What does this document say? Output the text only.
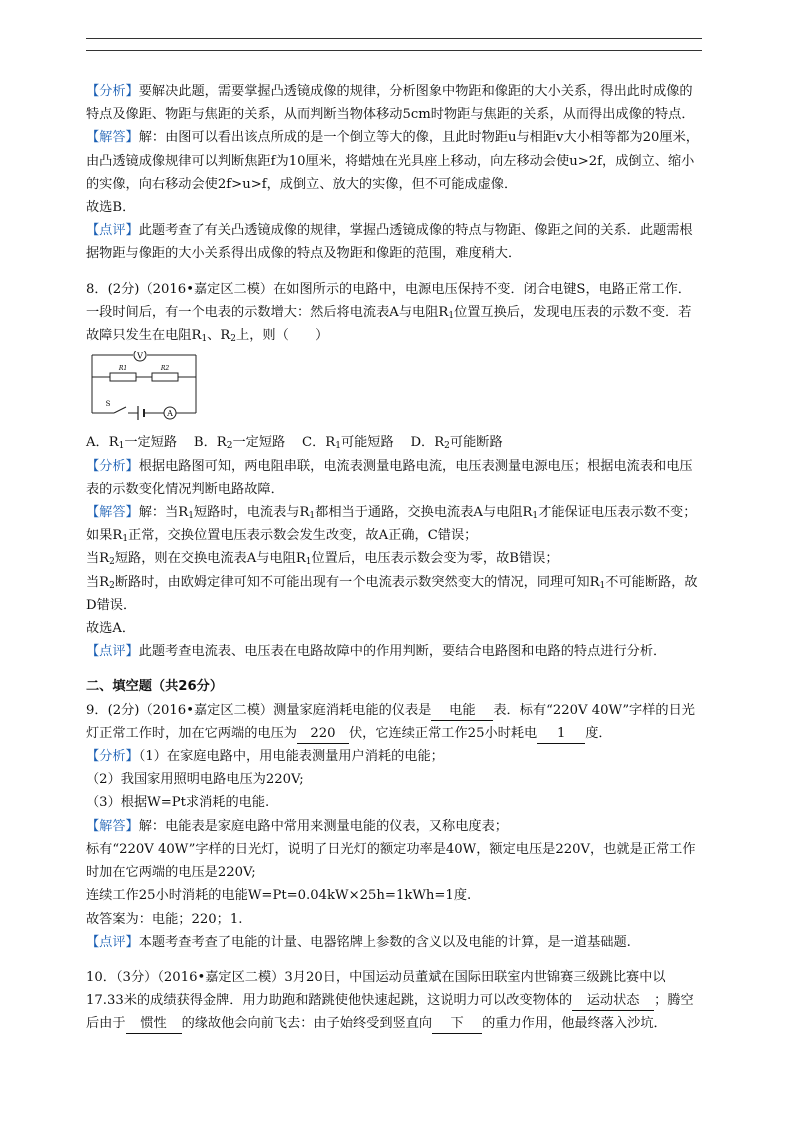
【分析】要解决此题，需要掌握凸透镜成像的规律，分析图象中物距和像距的大小关系，得出此时成像的特点及像距、物距与焦距的关系，从而判断当物体移动5cm时物距与焦距的关系，从而得出成像的特点．

【解答】解：由图可以看出该点所成的是一个倒立等大的像，且此时物距u与相距v大小相等都为20厘米，由凸透镜成像规律可以判断焦距f为10厘米，将蜡烛在光具座上移动，向左移动会使u>2f，成倒立、缩小的实像，向右移动会使2f>u>f，成倒立、放大的实像，但不可能成虚像．

故选B．

【点评】此题考查了有关凸透镜成像的规律，掌握凸透镜成像的特点与物距、像距之间的关系．此题需根据物距与像距的大小关系得出成像的特点及物距和像距的范围，难度稍大．

8．(2分)（2016•嘉定区二模）在如图所示的电路中，电源电压保持不变．闭合电键S，电路正常工作．一段时间后，有一个电表的示数增大：然后将电流表A与电阻$R_1$位置互换后，发现电压表的示数不变．若故障只发生在电阻$R_1$、$R_2$上，则（　　）

V
R1	R2
S
A

A．$R_1$一定短路 B．$R_2$一定短路 C．$R_1$可能短路 D．$R_2$可能断路

【分析】根据电路图可知，两电阻串联，电流表测量电路电流，电压表测量电源电压；根据电流表和电压表的示数变化情况判断电路故障．

【解答】解：当$R_1$短路时，电流表与$R_1$都相当于通路，交换电流表A与电阻$R_1$才能保证电压表示数不变；如果$R_1$正常，交换位置电压表示数会发生改变，故A正确，C错误；

当$R_2$短路，则在交换电流表A与电阻$R_1$位置后，电压表示数会变为零，故B错误；

当$R_2$断路时，由欧姆定律可知不可能出现有一个电流表示数突然变大的情况，同理可知$R_1$不可能断路，故D错误．

故选A．

【点评】此题考查电流表、电压表在电路故障中的作用判断，要结合电路图和电路的特点进行分析．

二、填空题（共26分）

9．(2分)（2016•嘉定区二模）测量家庭消耗电能的仪表是 电能 表．标有“220V 40W”字样的日光灯正常工作时，加在它两端的电压为 220 伏，它连续正常工作25小时耗电 1 度．

【分析】（1）在家庭电路中，用电能表测量用户消耗的电能；

（2）我国家用照明电路电压为220V;

（3）根据W=Pt求消耗的电能.

【解答】解：电能表是家庭电路中常用来测量电能的仪表，又称电度表；

标有“220V 40W”字样的日光灯，说明了日光灯的额定功率是40W，额定电压是220V，也就是正常工作时加在它两端的电压是220V;

连续工作25小时消耗的电能W=Pt=0.04kW×25h=1kWh=1度.

故答案为：电能；220；1.

【点评】本题考查考查了电能的计量、电器铭牌上参数的含义以及电能的计算，是一道基础题.

10．（3分）（2016•嘉定区二模）3月20日，中国运动员董斌在国际田联室内世锦赛三级跳比赛中以17.33米的成绩获得金牌．用力助跑和踏跳使他快速起跳，这说明力可以改变物体的 运动状态 ；腾空后由于 惯性 的缘故他会向前飞去：由子始终受到竖直向 下 的重力作用，他最终落入沙坑．
